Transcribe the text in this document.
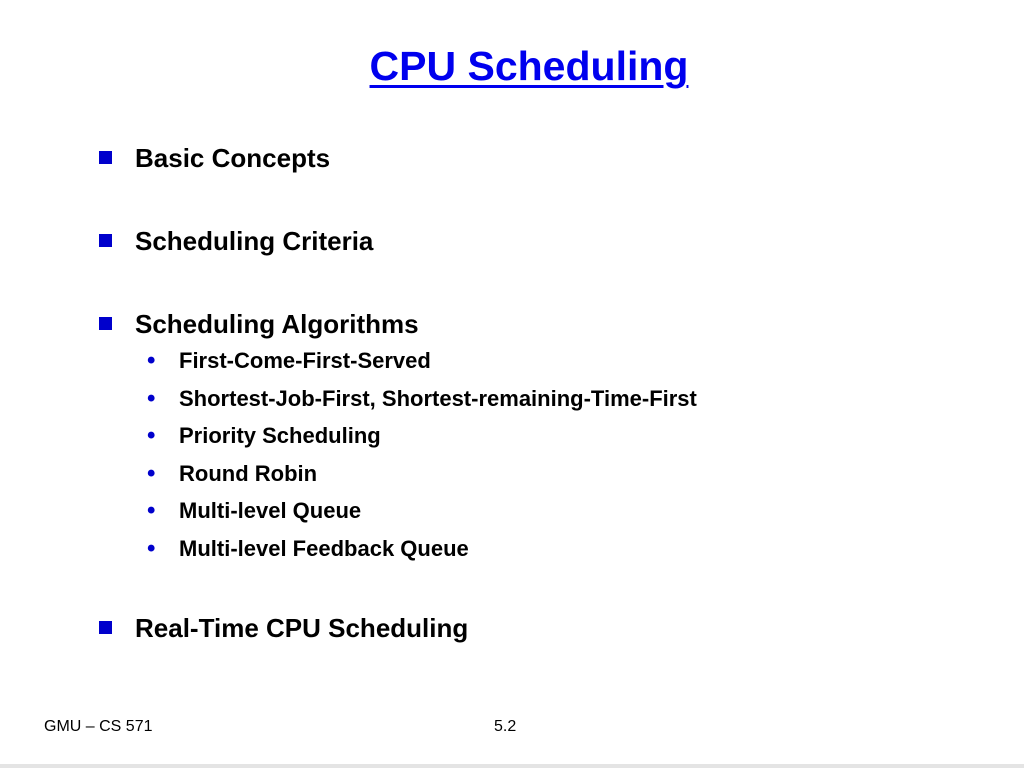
CPU Scheduling
Basic Concepts
Scheduling Criteria
Scheduling Algorithms
• First-Come-First-Served
• Shortest-Job-First, Shortest-remaining-Time-First
• Priority Scheduling
• Round Robin
• Multi-level Queue
• Multi-level Feedback Queue
Real-Time CPU Scheduling
GMU – CS 571	5.2
